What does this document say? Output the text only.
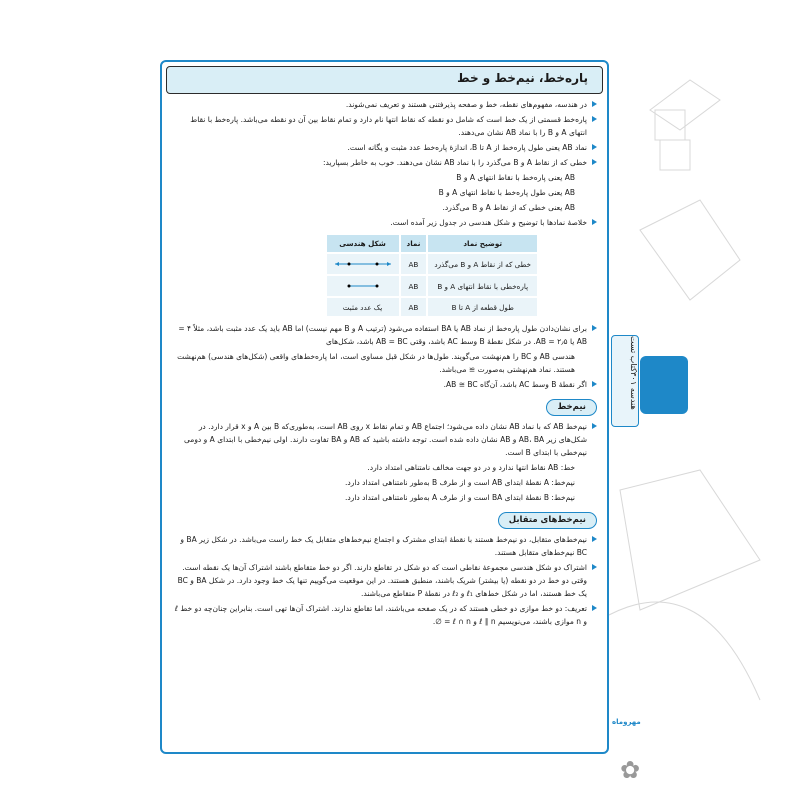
پاره‌خط، نیم‌خط و خط
در هندسه، مفهوم‌های نقطه، خط و صفحه پذیرفتنی هستند و تعریف نمی‌شوند.
پاره‌خط قسمتی از یک خط است که شامل دو نقطه که نقاط انتها نام دارد و تمام نقاط بین آن دو نقطه می‌باشد. پاره‌خط با نقاط انتهای A و B را با نماد AB نشان می‌دهند.
نماد AB یعنی طول پاره‌خط از A تا B، اندازهٔ پاره‌خط عدد مثبت و یگانه است.
خطی که از نقاط A و B می‌گذرد را با نماد AB نشان می‌دهند. خوب به خاطر بسپارید:
AB یعنی پاره‌خط با نقاط انتهای A و B
AB یعنی طول پاره‌خط با نقاط انتهای A و B
AB یعنی خطی که از نقاط A و B می‌گذرد.
خلاصهٔ نمادها با توضیح و شکل هندسی در جدول زیر آمده است.
توضیح نماد	نماد	شکل هندسی
خطی که از نقاط A و B می‌گذرد	AB	
پاره‌خطی با نقاط انتهای A و B	AB	
طول قطعه از A تا B	AB	یک عدد مثبت
برای نشان‌دادن طول پاره‌خط از نماد AB یا BA استفاده می‌شود (ترتیب A و B مهم نیست) اما AB باید یک عدد مثبت باشد، مثلاً ۴ = AB یا ۲٫۵ = AB. در شکل نقطهٔ B وسط AC باشد، وقتی AB = BC باشد، شکل‌های
هندسی AB و BC را هم‌نهشت می‌گویند. طول‌ها در شکل قبل مساوی است، اما پاره‌خط‌های واقعی (شکل‌های هندسی) هم‌نهشت هستند. نماد هم‌نهشتی به‌صورت ≅ می‌باشد.
اگر نقطهٔ B وسط AC باشد، آن‌گاه AB ≅ BC.
نیم‌خط
نیم‌خط AB که با نماد AB نشان داده می‌شود؛ اجتماع AB و تمام نقاط x روی AB است، به‌طوری‌که B بین A و x قرار دارد. در شکل‌های زیر AB، BA و AB نشان داده شده است. توجه داشته باشید که AB و BA تفاوت دارند. اولی نیم‌خطی با ابتدای A و دومی نیم‌خطی با ابتدای B است.
خط: AB نقاط انتها ندارد و در دو جهت مخالف نامتناهی امتداد دارد.
نیم‌خط: A نقطهٔ ابتدای AB است و از طرف B به‌طور نامتناهی امتداد دارد.
نیم‌خط: B نقطهٔ ابتدای BA است و از طرف A به‌طور نامتناهی امتداد دارد.
نیم‌خط‌های متقابل
نیم‌خط‌های متقابل، دو نیم‌خط هستند با نقطهٔ ابتدای مشترک و اجتماع نیم‌خط‌های متقابل یک خط راست می‌باشد. در شکل زیر BA و BC نیم‌خط‌های متقابل هستند.
اشتراک دو شکل هندسی مجموعهٔ نقاطی است که دو شکل در تقاطع دارند. اگر دو خط متقاطع باشند اشتراک آن‌ها یک نقطه است. وقتی دو خط در دو نقطه (یا بیشتر) شریک باشند، منطبق هستند. در این موقعیت می‌گوییم تنها یک خط وجود دارد. در شکل BA و BC یک خط هستند، اما در شکل خط‌های ℓ₁ و ℓ₂ در نقطهٔ P متقاطع می‌باشند.
تعریف: دو خط موازی دو خطی هستند که در یک صفحه می‌باشند، اما تقاطع ندارند. اشتراک آن‌ها تهی است. بنابراین چنان‌چه دو خط ℓ و n موازی باشند، می‌نویسیم ℓ ∥ n و ℓ ∩ n = ∅.
کتاب تست
۳۰
هندسه ۱
مهروماه
✿
